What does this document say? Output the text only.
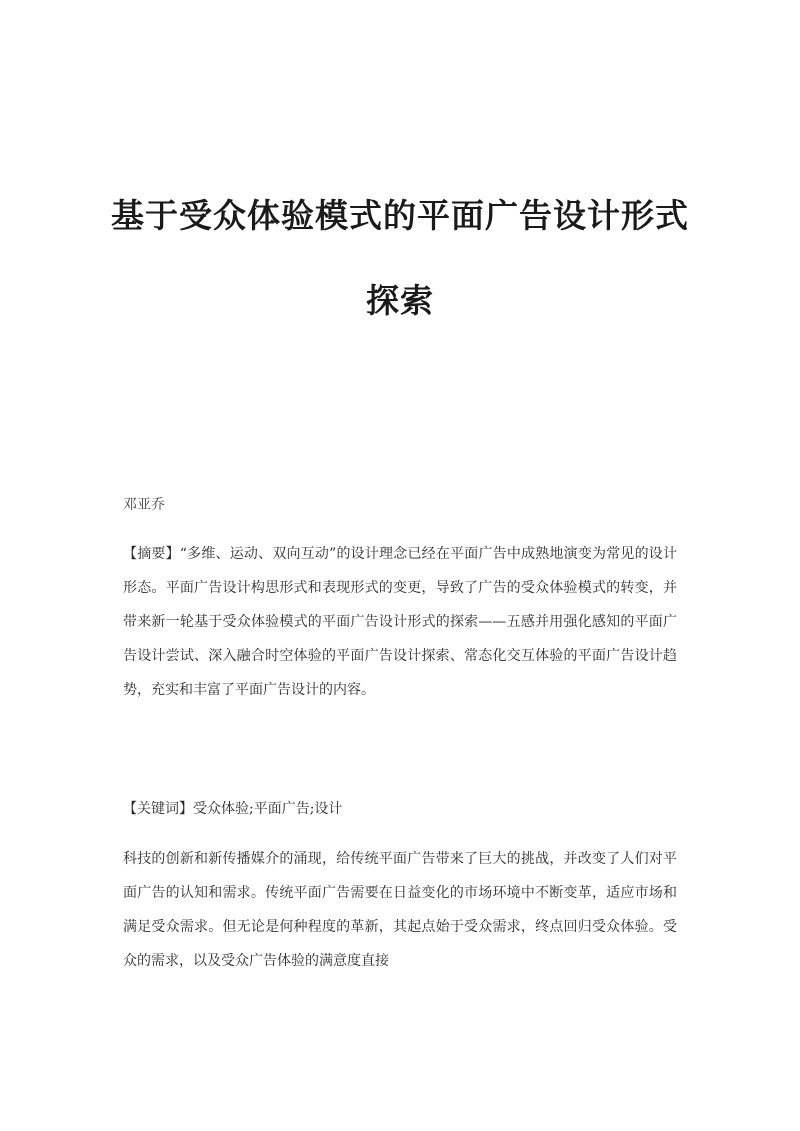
基于受众体验模式的平面广告设计形式
探索

邓亚乔

【摘要】“多维、运动、双向互动”的设计理念已经在平面广告中成熟地演变为常见的设计形态。平面广告设计构思形式和表现形式的变更，导致了广告的受众体验模式的转变，并带来新一轮基于受众体验模式的平面广告设计形式的探索——五感并用强化感知的平面广告设计尝试、深入融合时空体验的平面广告设计探索、常态化交互体验的平面广告设计趋势，充实和丰富了平面广告设计的内容。

【关键词】受众体验;平面广告;设计

科技的创新和新传播媒介的涌现，给传统平面广告带来了巨大的挑战，并改变了人们对平面广告的认知和需求。传统平面广告需要在日益变化的市场环境中不断变革，适应市场和满足受众需求。但无论是何种程度的革新，其起点始于受众需求，终点回归受众体验。受众的需求，以及受众广告体验的满意度直接
